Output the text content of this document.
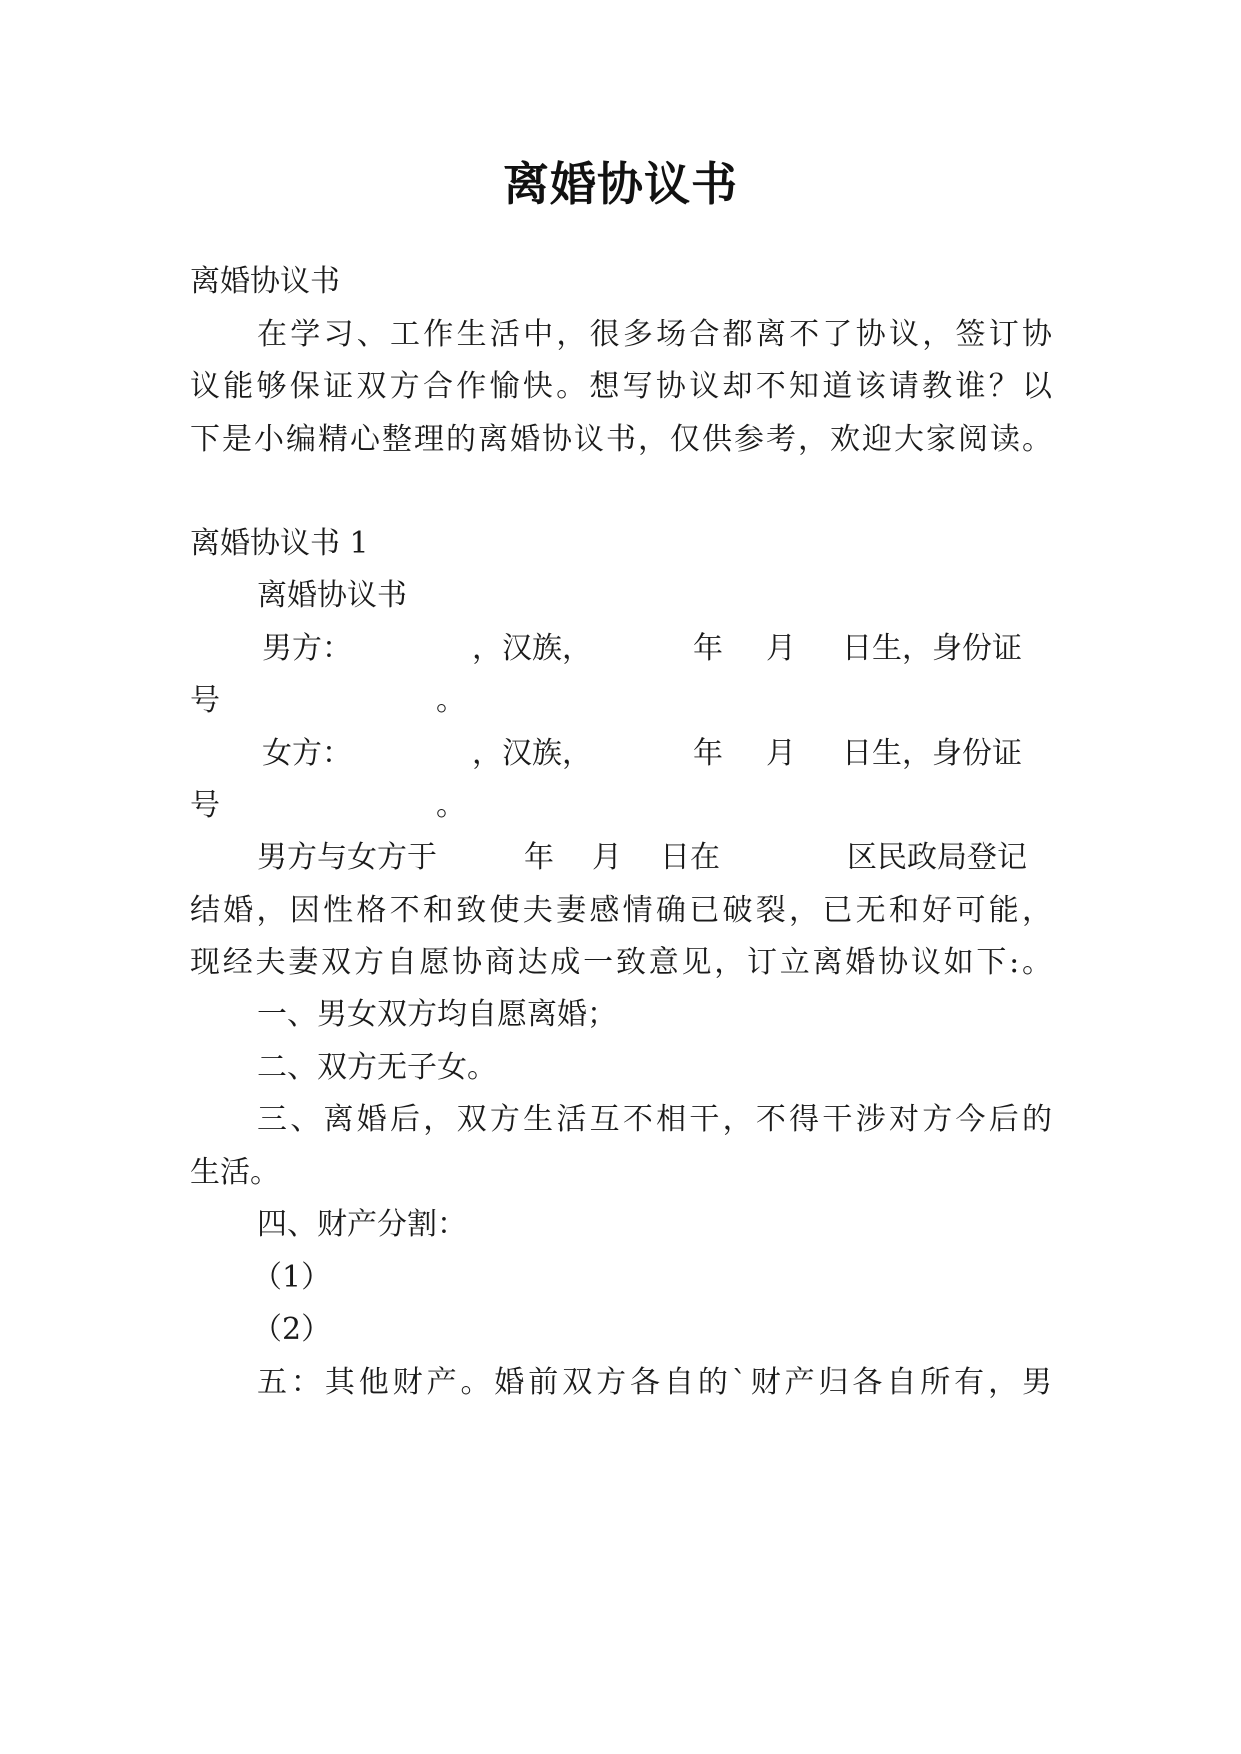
离婚协议书
离婚协议书
在学习、工作生活中，很多场合都离不了协议，签订协
议能够保证双方合作愉快。想写协议却不知道该请教谁？以
下是小编精心整理的离婚协议书，仅供参考，欢迎大家阅读。
离婚协议书 1
离婚协议书
男方：	，汉族，	年 月 日生，身份证
号	。
女方：	，汉族，	年 月 日生，身份证
号	。
男方与女方于	年 月 日在	区民政局登记
结婚，因性格不和致使夫妻感情确已破裂，已无和好可能，
现经夫妻双方自愿协商达成一致意见，订立离婚协议如下:。
一、男女双方均自愿离婚；
二、双方无子女。
三、离婚后，双方生活互不相干，不得干涉对方今后的
生活。
四、财产分割：
（1）
（2）
五：其他财产。婚前双方各自的`财产归各自所有，男
